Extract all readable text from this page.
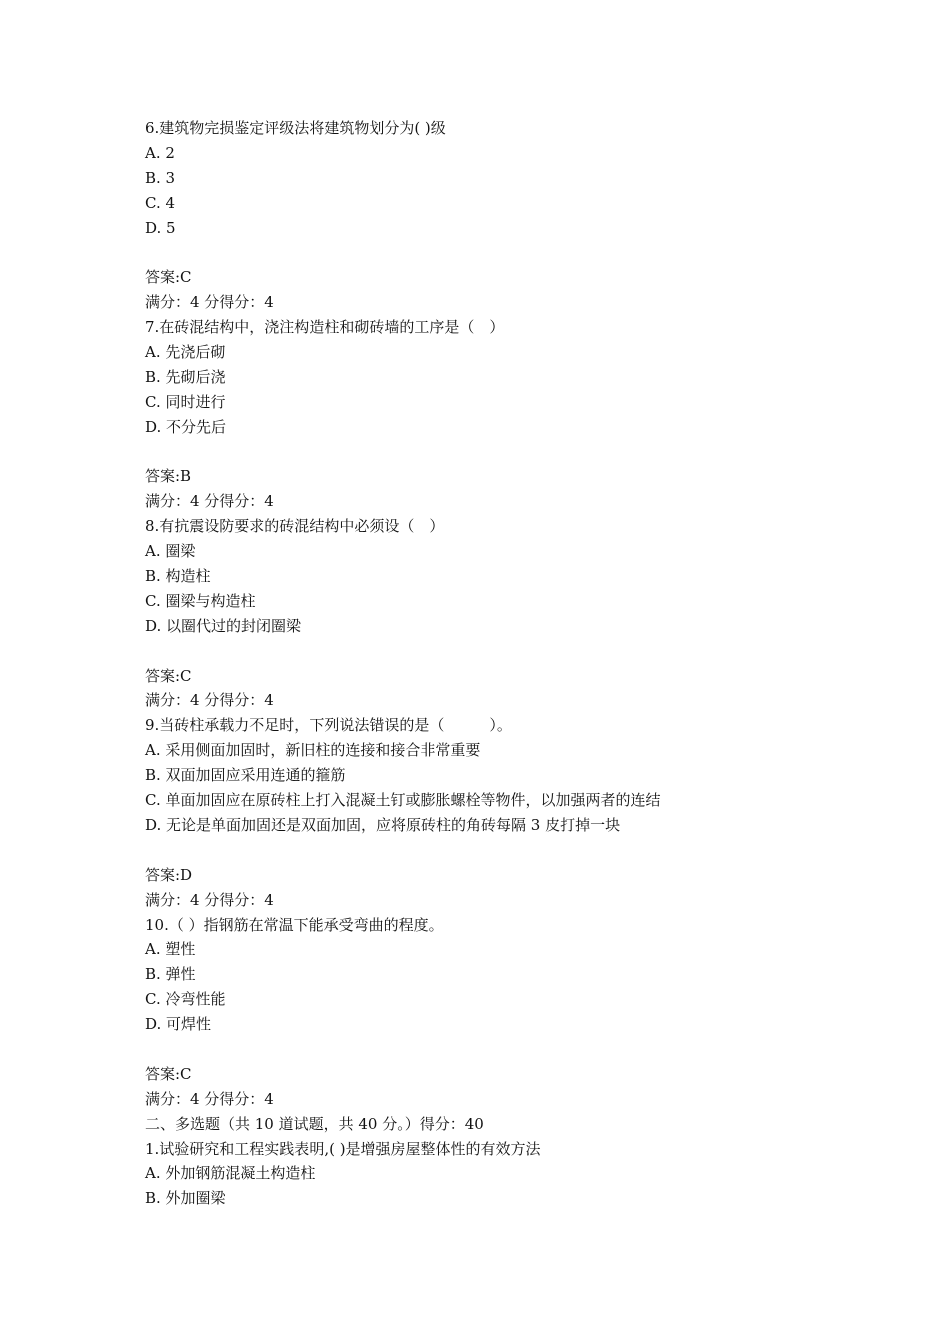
6.建筑物完损鉴定评级法将建筑物划分为( )级
A. 2
B. 3
C. 4
D. 5
答案:C
满分：4 分得分：4
7.在砖混结构中，浇注构造柱和砌砖墙的工序是（　）
A. 先浇后砌
B. 先砌后浇
C. 同时进行
D. 不分先后
答案:B
满分：4 分得分：4
8.有抗震设防要求的砖混结构中必须设（　）
A. 圈梁
B. 构造柱
C. 圈梁与构造柱
D. 以圈代过的封闭圈梁
答案:C
满分：4 分得分：4
9.当砖柱承载力不足时，下列说法错误的是（　　　）。
A. 采用侧面加固时，新旧柱的连接和接合非常重要
B. 双面加固应采用连通的箍筋
C. 单面加固应在原砖柱上打入混凝土钉或膨胀螺栓等物件，以加强两者的连结
D. 无论是单面加固还是双面加固，应将原砖柱的角砖每隔 3 皮打掉一块
答案:D
满分：4 分得分：4
10.（ ）指钢筋在常温下能承受弯曲的程度。
A. 塑性
B. 弹性
C. 冷弯性能
D. 可焊性
答案:C
满分：4 分得分：4
二、多选题（共 10 道试题，共 40 分。）得分：40
1.试验研究和工程实践表明,( )是增强房屋整体性的有效方法
A. 外加钢筋混凝土构造柱
B. 外加圈梁
